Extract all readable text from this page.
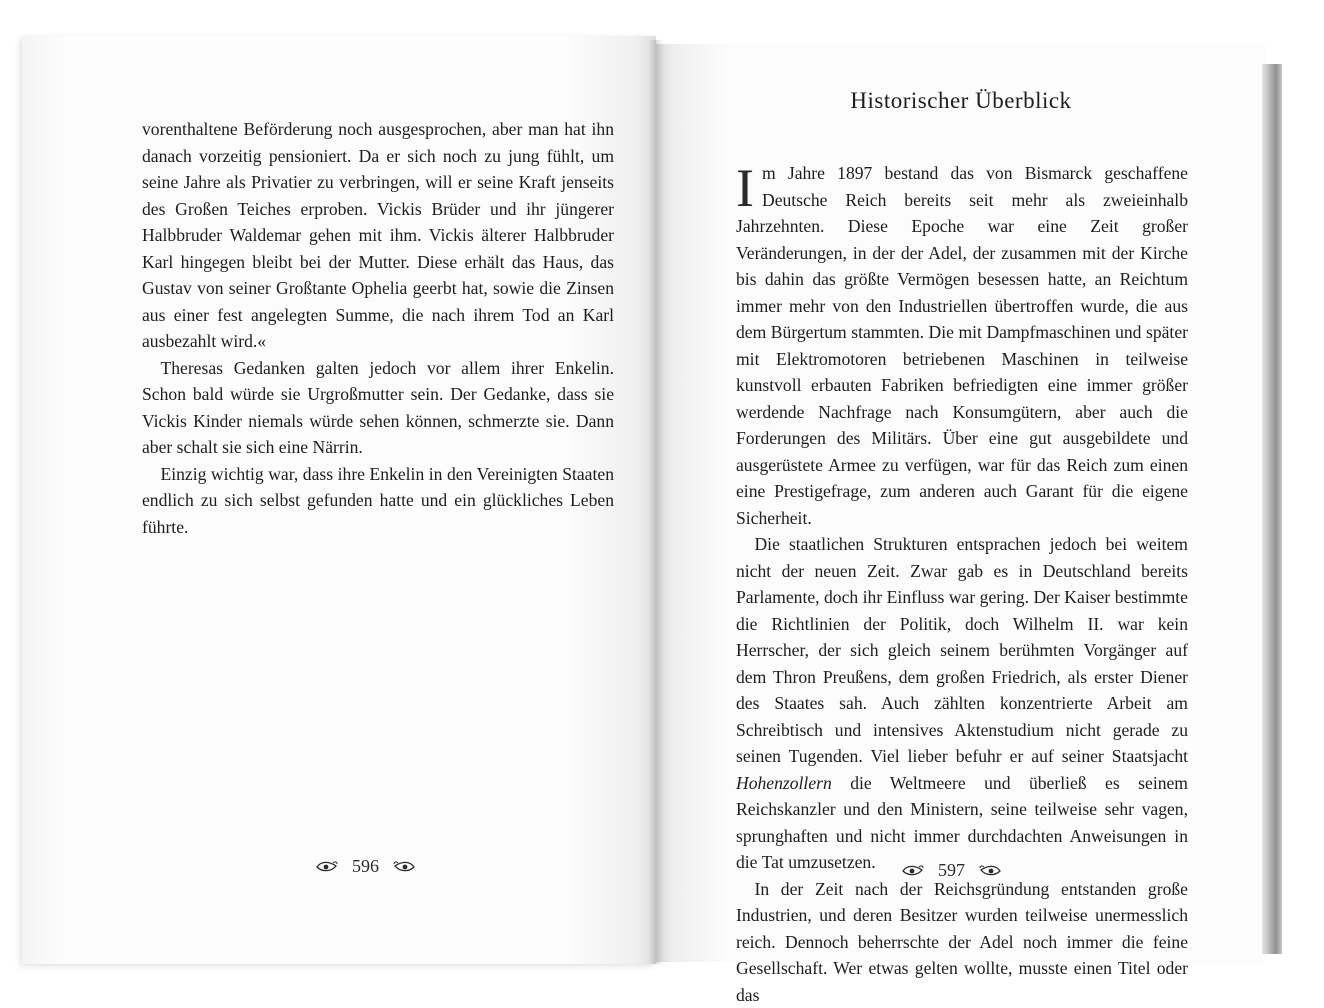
vorenthaltene Beförderung noch ausgesprochen, aber man hat ihn danach vorzeitig pensioniert. Da er sich noch zu jung fühlt, um seine Jahre als Privatier zu verbringen, will er seine Kraft jenseits des Großen Teiches erproben. Vickis Brüder und ihr jüngerer Halbbruder Waldemar gehen mit ihm. Vickis älterer Halbbruder Karl hingegen bleibt bei der Mutter. Diese erhält das Haus, das Gustav von seiner Großtante Ophelia geerbt hat, sowie die Zinsen aus einer fest angelegten Summe, die nach ihrem Tod an Karl ausbezahlt wird.«

Theresas Gedanken galten jedoch vor allem ihrer Enkelin. Schon bald würde sie Urgroßmutter sein. Der Gedanke, dass sie Vickis Kinder niemals würde sehen können, schmerzte sie. Dann aber schalt sie sich eine Närrin.

Einzig wichtig war, dass ihre Enkelin in den Vereinigten Staaten endlich zu sich selbst gefunden hatte und ein glückliches Leben führte.

596
Historischer Überblick

Im Jahre 1897 bestand das von Bismarck geschaffene Deutsche Reich bereits seit mehr als zweieinhalb Jahrzehnten. Diese Epoche war eine Zeit großer Veränderungen, in der der Adel, der zusammen mit der Kirche bis dahin das größte Vermögen besessen hatte, an Reichtum immer mehr von den Industriellen übertroffen wurde, die aus dem Bürgertum stammten. Die mit Dampfmaschinen und später mit Elektromotoren betriebenen Maschinen in teilweise kunstvoll erbauten Fabriken befriedigten eine immer größer werdende Nachfrage nach Konsumgütern, aber auch die Forderungen des Militärs. Über eine gut ausgebildete und ausgerüstete Armee zu verfügen, war für das Reich zum einen eine Prestigefrage, zum anderen auch Garant für die eigene Sicherheit.

Die staatlichen Strukturen entsprachen jedoch bei weitem nicht der neuen Zeit. Zwar gab es in Deutschland bereits Parlamente, doch ihr Einfluss war gering. Der Kaiser bestimmte die Richtlinien der Politik, doch Wilhelm II. war kein Herrscher, der sich gleich seinem berühmten Vorgänger auf dem Thron Preußens, dem großen Friedrich, als erster Diener des Staates sah. Auch zählten konzentrierte Arbeit am Schreibtisch und intensives Aktenstudium nicht gerade zu seinen Tugenden. Viel lieber befuhr er auf seiner Staatsjacht Hohenzollern die Weltmeere und überließ es seinem Reichskanzler und den Ministern, seine teilweise sehr vagen, sprunghaften und nicht immer durchdachten Anweisungen in die Tat umzusetzen.

In der Zeit nach der Reichsgründung entstanden große Industrien, und deren Besitzer wurden teilweise unermesslich reich. Dennoch beherrschte der Adel noch immer die feine Gesellschaft. Wer etwas gelten wollte, musste einen Titel oder das

597
